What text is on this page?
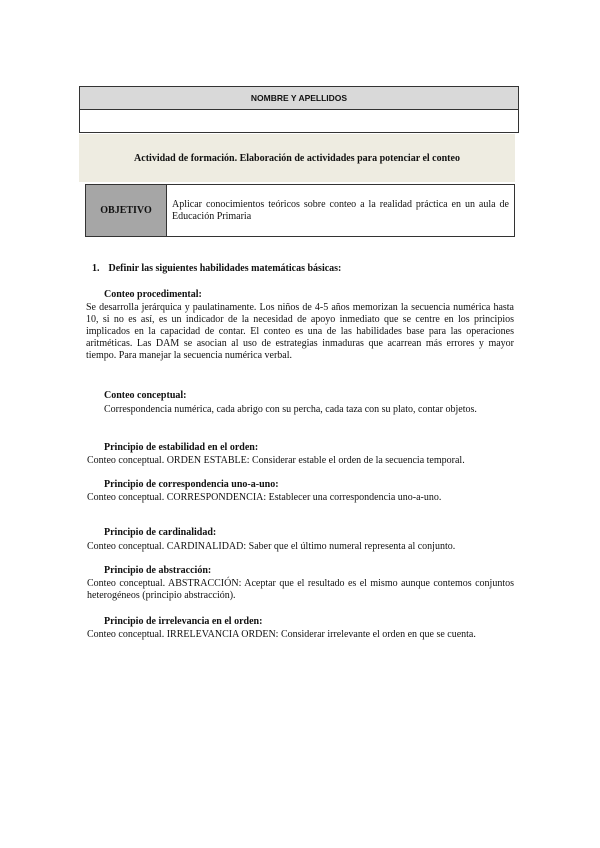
NOMBRE Y APELLIDOS

Actividad de formación. Elaboración de actividades para potenciar el conteo
OBJETIVO	Aplicar conocimientos teóricos sobre conteo a la realidad práctica en un aula de Educación Primaria
1. Definir las siguientes habilidades matemáticas básicas:
Conteo procedimental:
Se desarrolla jerárquica y paulatinamente. Los niños de 4-5 años memorizan la secuencia numérica hasta 10, si no es así, es un indicador de la necesidad de apoyo inmediato que se centre en los principios implicados en la capacidad de contar. El conteo es una de las habilidades base para las operaciones aritméticas. Las DAM se asocian al uso de estrategias inmaduras que acarrean más errores y mayor tiempo. Para manejar la secuencia numérica verbal.
Conteo conceptual:
Correspondencia numérica, cada abrigo con su percha, cada taza con su plato, contar objetos.
Principio de estabilidad en el orden:
Conteo conceptual. ORDEN ESTABLE: Considerar estable el orden de la secuencia temporal.
Principio de correspondencia uno-a-uno:
Conteo conceptual. CORRESPONDENCIA: Establecer una correspondencia uno-a-uno.
Principio de cardinalidad:
Conteo conceptual. CARDINALIDAD: Saber que el último numeral representa al conjunto.
Principio de abstracción:
Conteo conceptual. ABSTRACCIÓN: Aceptar que el resultado es el mismo aunque contemos conjuntos heterogéneos (principio abstracción).
Principio de irrelevancia en el orden:
Conteo conceptual. IRRELEVANCIA ORDEN: Considerar irrelevante el orden en que se cuenta.
